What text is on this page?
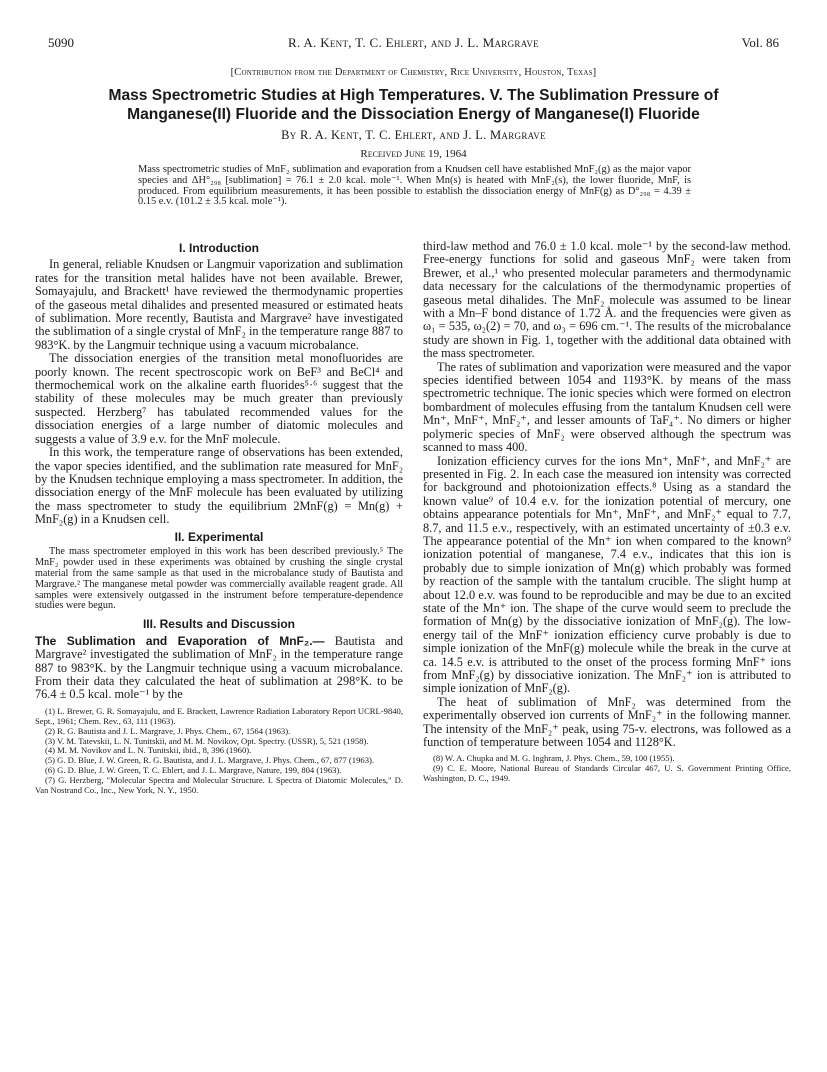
5090	R. A. Kent, T. C. Ehlert, and J. L. Margrave	Vol. 86
[Contribution from the Department of Chemistry, Rice University, Houston, Texas]
Mass Spectrometric Studies at High Temperatures. V. The Sublimation Pressure of Manganese(II) Fluoride and the Dissociation Energy of Manganese(I) Fluoride
By R. A. Kent, T. C. Ehlert, and J. L. Margrave
Received June 19, 1964
Mass spectrometric studies of MnF₂ sublimation and evaporation from a Knudsen cell have established MnF₂(g) as the major vapor species and ΔH°₂₉₈ [sublimation] = 76.1 ± 2.0 kcal. mole⁻¹. When Mn(s) is heated with MnF₂(s), the lower fluoride, MnF, is produced. From equilibrium measurements, it has been possible to establish the dissociation energy of MnF(g) as D°₂₉₈ = 4.39 ± 0.15 e.v. (101.2 ± 3.5 kcal. mole⁻¹).
I. Introduction

In general, reliable Knudsen or Langmuir vaporization and sublimation rates for the transition metal halides have not been available. Brewer, Somayajulu, and Brackett¹ have reviewed the thermodynamic properties of the gaseous metal dihalides and presented measured or estimated heats of sublimation. More recently, Bautista and Margrave² have investigated the sublimation of a single crystal of MnF₂ in the temperature range 887 to 983°K. by the Langmuir technique using a vacuum microbalance.

The dissociation energies of the transition metal monofluorides are poorly known. The recent spectroscopic work on BeF³ and BeCl⁴ and thermochemical work on the alkaline earth fluorides⁵·⁶ suggest that the stability of these molecules may be much greater than previously suspected. Herzberg⁷ has tabulated recommended values for the dissociation energies of a large number of diatomic molecules and suggests a value of 3.9 e.v. for the MnF molecule.

In this work, the temperature range of observations has been extended, the vapor species identified, and the sublimation rate measured for MnF₂ by the Knudsen technique employing a mass spectrometer. In addition, the dissociation energy of the MnF molecule has been evaluated by utilizing the mass spectrometer to study the equilibrium 2MnF(g) = Mn(g) + MnF₂(g) in a Knudsen cell.

II. Experimental

The mass spectrometer employed in this work has been described previously.⁵ The MnF₂ powder used in these experiments was obtained by crushing the single crystal material from the same sample as that used in the microbalance study of Bautista and Margrave.² The manganese metal powder was commercially available reagent grade. All samples were extensively outgassed in the instrument before temperature-dependence studies were begun.

III. Results and Discussion

The Sublimation and Evaporation of MnF₂.— Bautista and Margrave² investigated the sublimation of MnF₂ in the temperature range 887 to 983°K. by the Langmuir technique using a vacuum microbalance. From their data they calculated the heat of sublimation at 298°K. to be 76.4 ± 0.5 kcal. mole⁻¹ by the

(1) L. Brewer, G. R. Somayajulu, and E. Brackett, Lawrence Radiation Laboratory Report UCRL-9840, Sept., 1961; Chem. Rev., 63, 111 (1963).
(2) R. G. Bautista and J. L. Margrave, J. Phys. Chem., 67, 1564 (1963).
(3) V. M. Tatevskii, L. N. Tunitskii, and M. M. Novikov, Opt. Spectry. (USSR), 5, 521 (1958).
(4) M. M. Novikov and L. N. Tunitskii, ibid., 8, 396 (1960).
(5) G. D. Blue, J. W. Green, R. G. Bautista, and J. L. Margrave, J. Phys. Chem., 67, 877 (1963).
(6) G. D. Blue, J. W. Green, T. C. Ehlert, and J. L. Margrave, Nature, 199, 804 (1963).
(7) G. Herzberg, "Molecular Spectra and Molecular Structure. I. Spectra of Diatomic Molecules," D. Van Nostrand Co., Inc., New York, N. Y., 1950.

third-law method and 76.0 ± 1.0 kcal. mole⁻¹ by the second-law method. Free-energy functions for solid and gaseous MnF₂ were taken from Brewer, et al.,¹ who presented molecular parameters and thermodynamic data necessary for the calculations of the thermodynamic properties of gaseous metal dihalides. The MnF₂ molecule was assumed to be linear with a Mn–F bond distance of 1.72 Å. and the frequencies were given as ω₁ = 535, ω₂(2) = 70, and ω₃ = 696 cm.⁻¹. The results of the microbalance study are shown in Fig. 1, together with the additional data obtained with the mass spectrometer.

The rates of sublimation and vaporization were measured and the vapor species identified between 1054 and 1193°K. by means of the mass spectrometric technique. The ionic species which were formed on electron bombardment of molecules effusing from the tantalum Knudsen cell were Mn⁺, MnF⁺, MnF₂⁺, and lesser amounts of TaF₄⁺. No dimers or higher polymeric species of MnF₂ were observed although the spectrum was scanned to mass 400.

Ionization efficiency curves for the ions Mn⁺, MnF⁺, and MnF₂⁺ are presented in Fig. 2. In each case the measured ion intensity was corrected for background and photoionization effects.⁸ Using as a standard the known value⁹ of 10.4 e.v. for the ionization potential of mercury, one obtains appearance potentials for Mn⁺, MnF⁺, and MnF₂⁺ equal to 7.7, 8.7, and 11.5 e.v., respectively, with an estimated uncertainty of ±0.3 e.v. The appearance potential of the Mn⁺ ion when compared to the known⁹ ionization potential of manganese, 7.4 e.v., indicates that this ion is probably due to simple ionization of Mn(g) which probably was formed by reaction of the sample with the tantalum crucible. The slight hump at about 12.0 e.v. was found to be reproducible and may be due to an excited state of the Mn⁺ ion. The shape of the curve would seem to preclude the formation of Mn(g) by the dissociative ionization of MnF₂(g). The low-energy tail of the MnF⁺ ionization efficiency curve probably is due to simple ionization of the MnF(g) molecule while the break in the curve at ca. 14.5 e.v. is attributed to the onset of the process forming MnF⁺ ions from MnF₂(g) by dissociative ionization. The MnF₂⁺ ion is attributed to simple ionization of MnF₂(g).

The heat of sublimation of MnF₂ was determined from the experimentally observed ion currents of MnF₂⁺ in the following manner. The intensity of the MnF₂⁺ peak, using 75-v. electrons, was followed as a function of temperature between 1054 and 1128°K.

(8) W. A. Chupka and M. G. Inghram, J. Phys. Chem., 59, 100 (1955).
(9) C. E. Moore, National Bureau of Standards Circular 467, U. S. Government Printing Office, Washington, D. C., 1949.
